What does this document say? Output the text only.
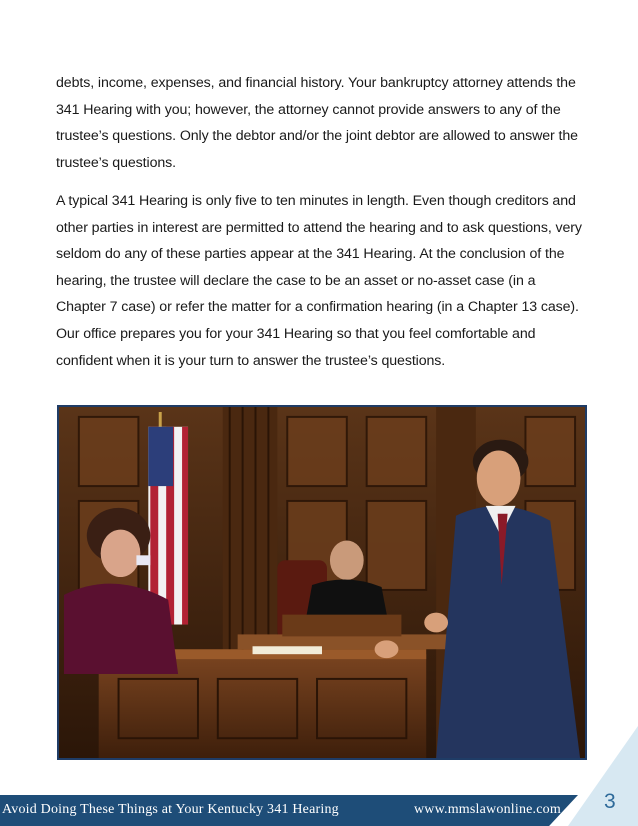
debts, income, expenses, and financial history. Your bankruptcy attorney attends the 341 Hearing with you; however, the attorney cannot provide answers to any of the trustee’s questions. Only the debtor and/or the joint debtor are allowed to answer the trustee’s questions.

A typical 341 Hearing is only five to ten minutes in length. Even though creditors and other parties in interest are permitted to attend the hearing and to ask questions, very seldom do any of these parties appear at the 341 Hearing. At the conclusion of the hearing, the trustee will declare the case to be an asset or no-asset case (in a Chapter 7 case) or refer the matter for a confirmation hearing (in a Chapter 13 case). Our office prepares you for your 341 Hearing so that you feel comfortable and confident when it is your turn to answer the trustee’s questions.

Avoid Doing These Things at Your Kentucky 341 Hearing	www.mmslawonline.com 3
